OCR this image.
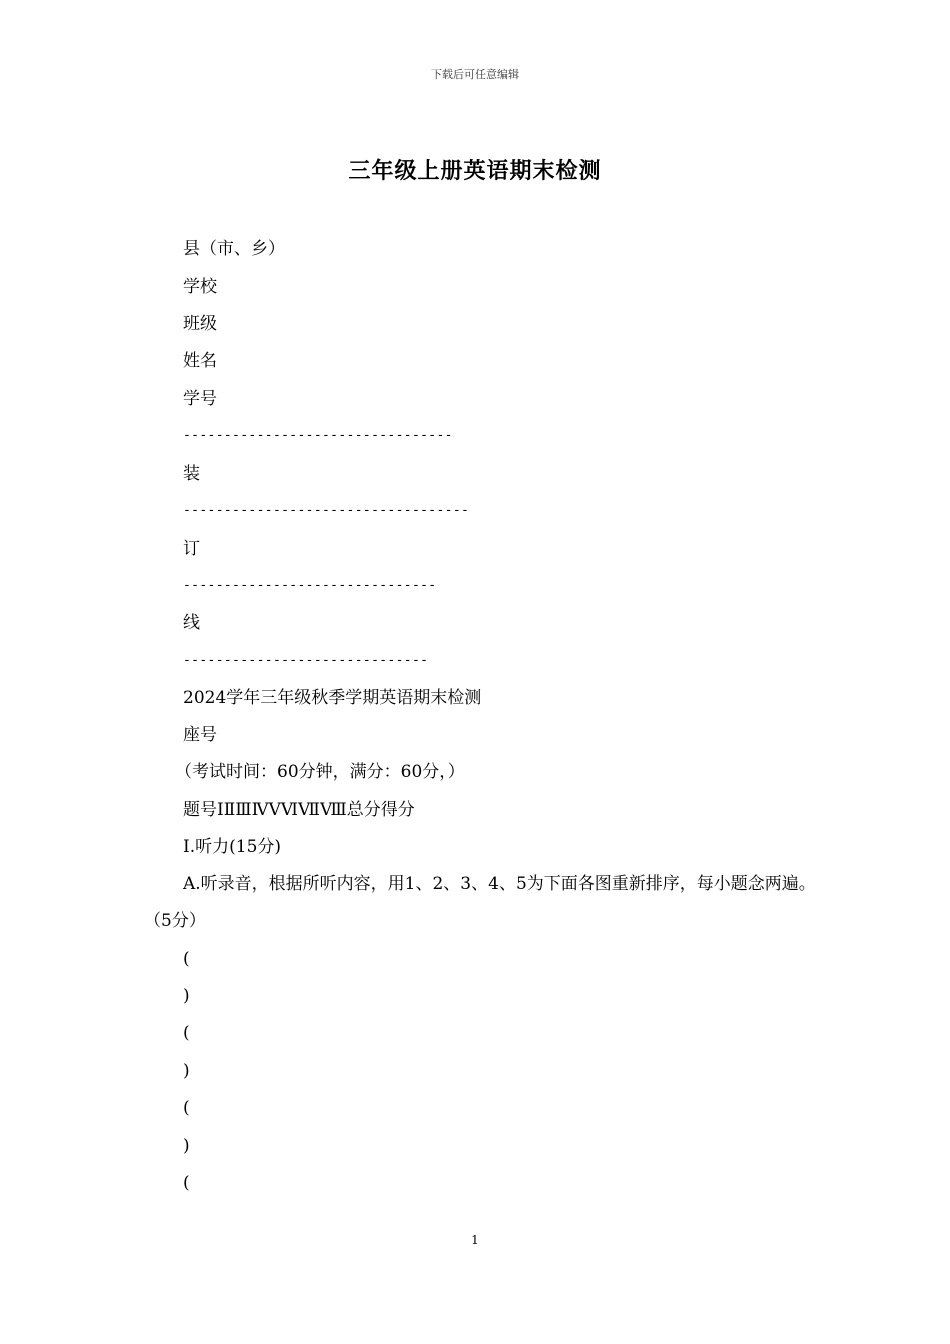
下载后可任意编辑
三年级上册英语期末检测
县（市、乡）
学校
班级
姓名
学号
---------------------------------
装
-----------------------------------
订
-------------------------------
线
------------------------------
2024学年三年级秋季学期英语期末检测
座号
（考试时间：60分钟，满分：60分，）
题号ⅠⅡⅢⅣⅤⅥⅦⅧ总分得分
Ⅰ.听力(15分)
A.听录音，根据所听内容，用1、2、3、4、5为下面各图重新排序，每小题念两遍。（5分）
(
)
(
)
(
)
(
1
